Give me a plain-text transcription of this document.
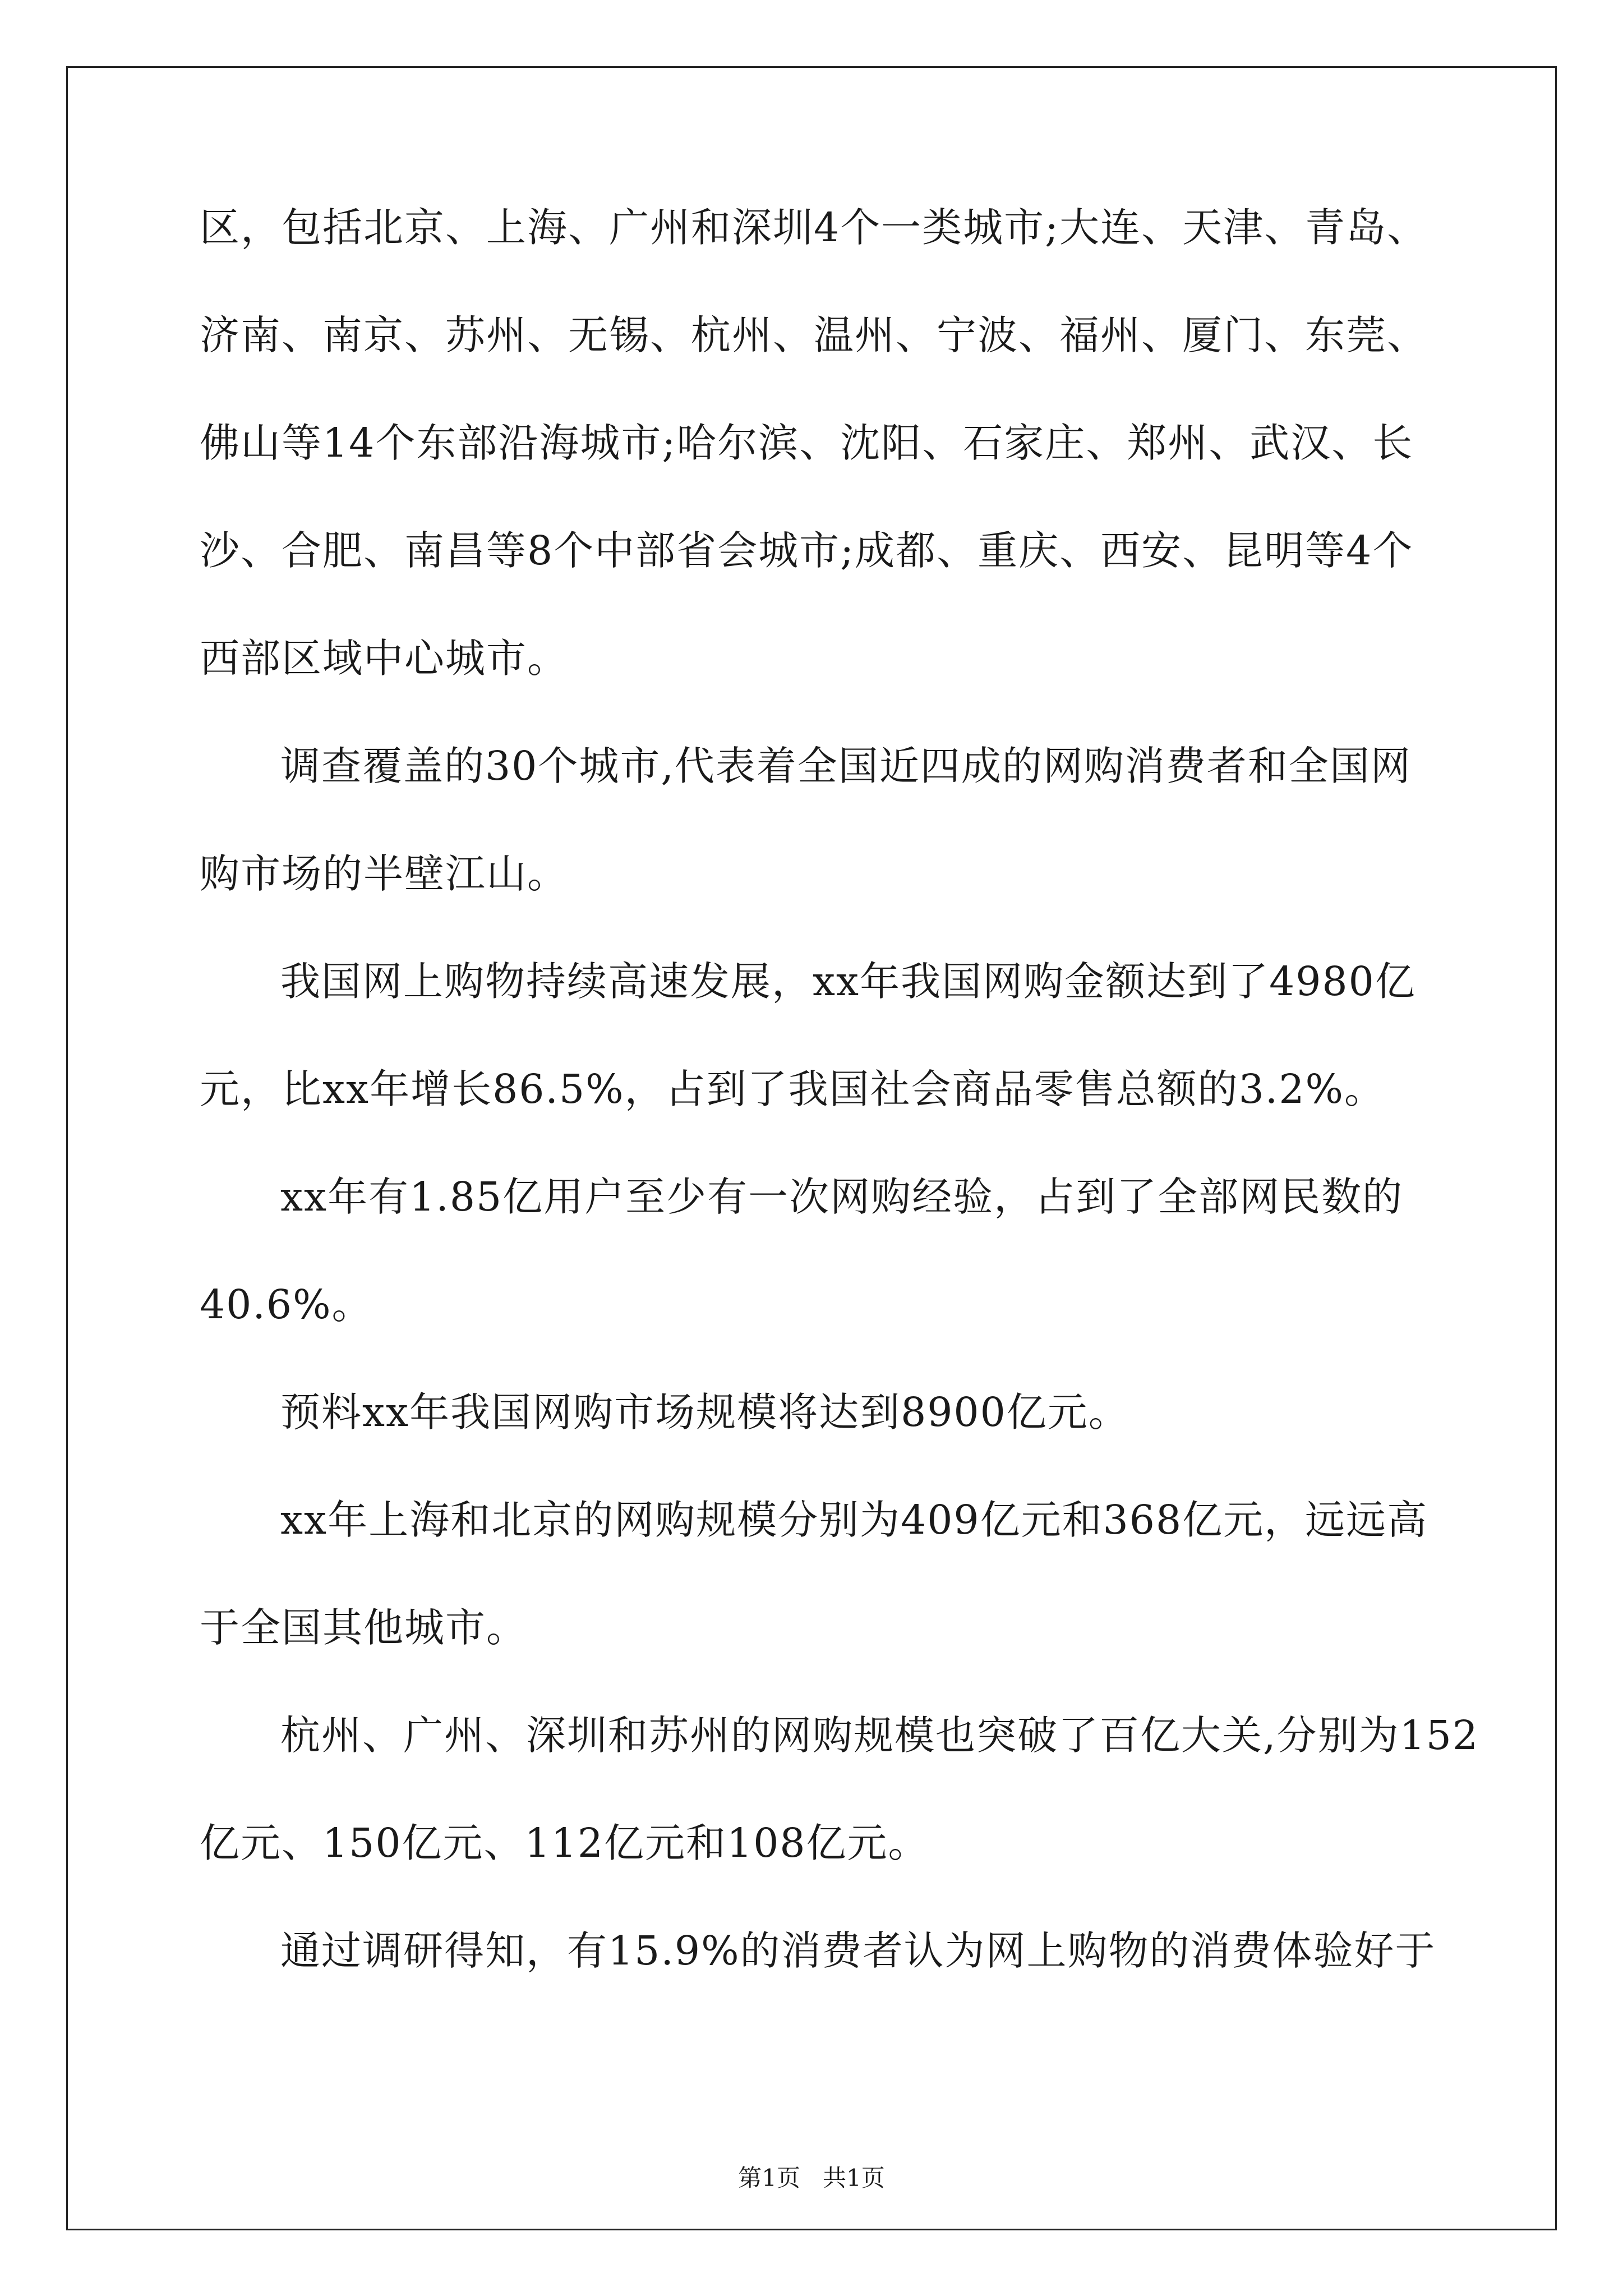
区，包括北京、上海、广州和深圳4个一类城市;大连、天津、青岛、
济南、南京、苏州、无锡、杭州、温州、宁波、福州、厦门、东莞、
佛山等14个东部沿海城市;哈尔滨、沈阳、石家庄、郑州、武汉、长
沙、合肥、南昌等8个中部省会城市;成都、重庆、西安、昆明等4个
西部区域中心城市。
调查覆盖的30个城市,代表着全国近四成的网购消费者和全国网
购市场的半壁江山。
我国网上购物持续高速发展，xx年我国网购金额达到了4980亿
元，比xx年增长86.5%，占到了我国社会商品零售总额的3.2%。
xx年有1.85亿用户至少有一次网购经验，占到了全部网民数的
40.6%。
预料xx年我国网购市场规模将达到8900亿元。
xx年上海和北京的网购规模分别为409亿元和368亿元，远远高
于全国其他城市。
杭州、广州、深圳和苏州的网购规模也突破了百亿大关,分别为152
亿元、150亿元、112亿元和108亿元。
通过调研得知，有15.9%的消费者认为网上购物的消费体验好于
第1页   共1页
